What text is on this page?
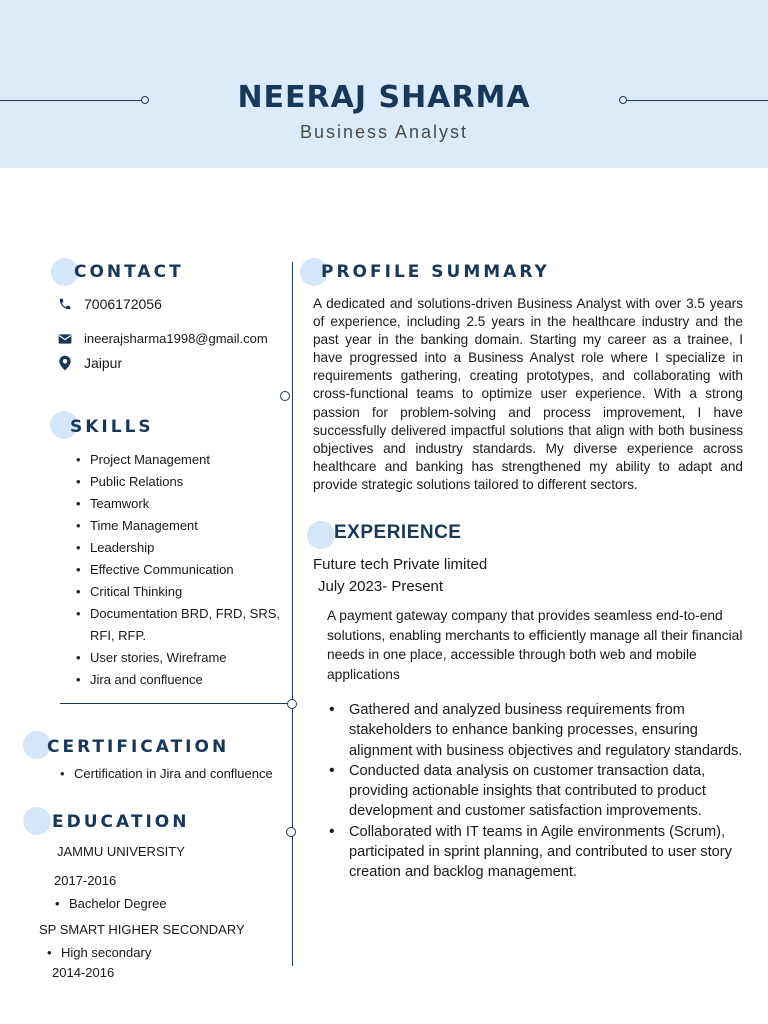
NEERAJ SHARMA
Business Analyst
CONTACT
7006172056
ineerajsharma1998@gmail.com
Jaipur
SKILLS
• Project Management
• Public Relations
• Teamwork
• Time Management
• Leadership
• Effective Communication
• Critical Thinking
• Documentation BRD, FRD, SRS,
RFI, RFP.
• User stories, Wireframe
• Jira and confluence
CERTIFICATION
• Certification in Jira and confluence
EDUCATION
JAMMU UNIVERSITY
2017-2016
• Bachelor Degree
SP SMART HIGHER SECONDARY
• High secondary
2014-2016
PROFILE SUMMARY
A dedicated and solutions-driven Business Analyst with over 3.5 years of experience, including 2.5 years in the healthcare industry and the past year in the banking domain. Starting my career as a trainee, I have progressed into a Business Analyst role where I specialize in requirements gathering, creating prototypes, and collaborating with cross-functional teams to optimize user experience. With a strong passion for problem-solving and process improvement, I have successfully delivered impactful solutions that align with both business objectives and industry standards. My diverse experience across healthcare and banking has strengthened my ability to adapt and provide strategic solutions tailored to different sectors.
EXPERIENCE
Future tech Private limited
July 2023- Present
A payment gateway company that provides seamless end-to-end solutions, enabling merchants to efficiently manage all their financial needs in one place, accessible through both web and mobile applications
• Gathered and analyzed business requirements from stakeholders to enhance banking processes, ensuring alignment with business objectives and regulatory standards.
• Conducted data analysis on customer transaction data, providing actionable insights that contributed to product development and customer satisfaction improvements.
• Collaborated with IT teams in Agile environments (Scrum), participated in sprint planning, and contributed to user story creation and backlog management.
